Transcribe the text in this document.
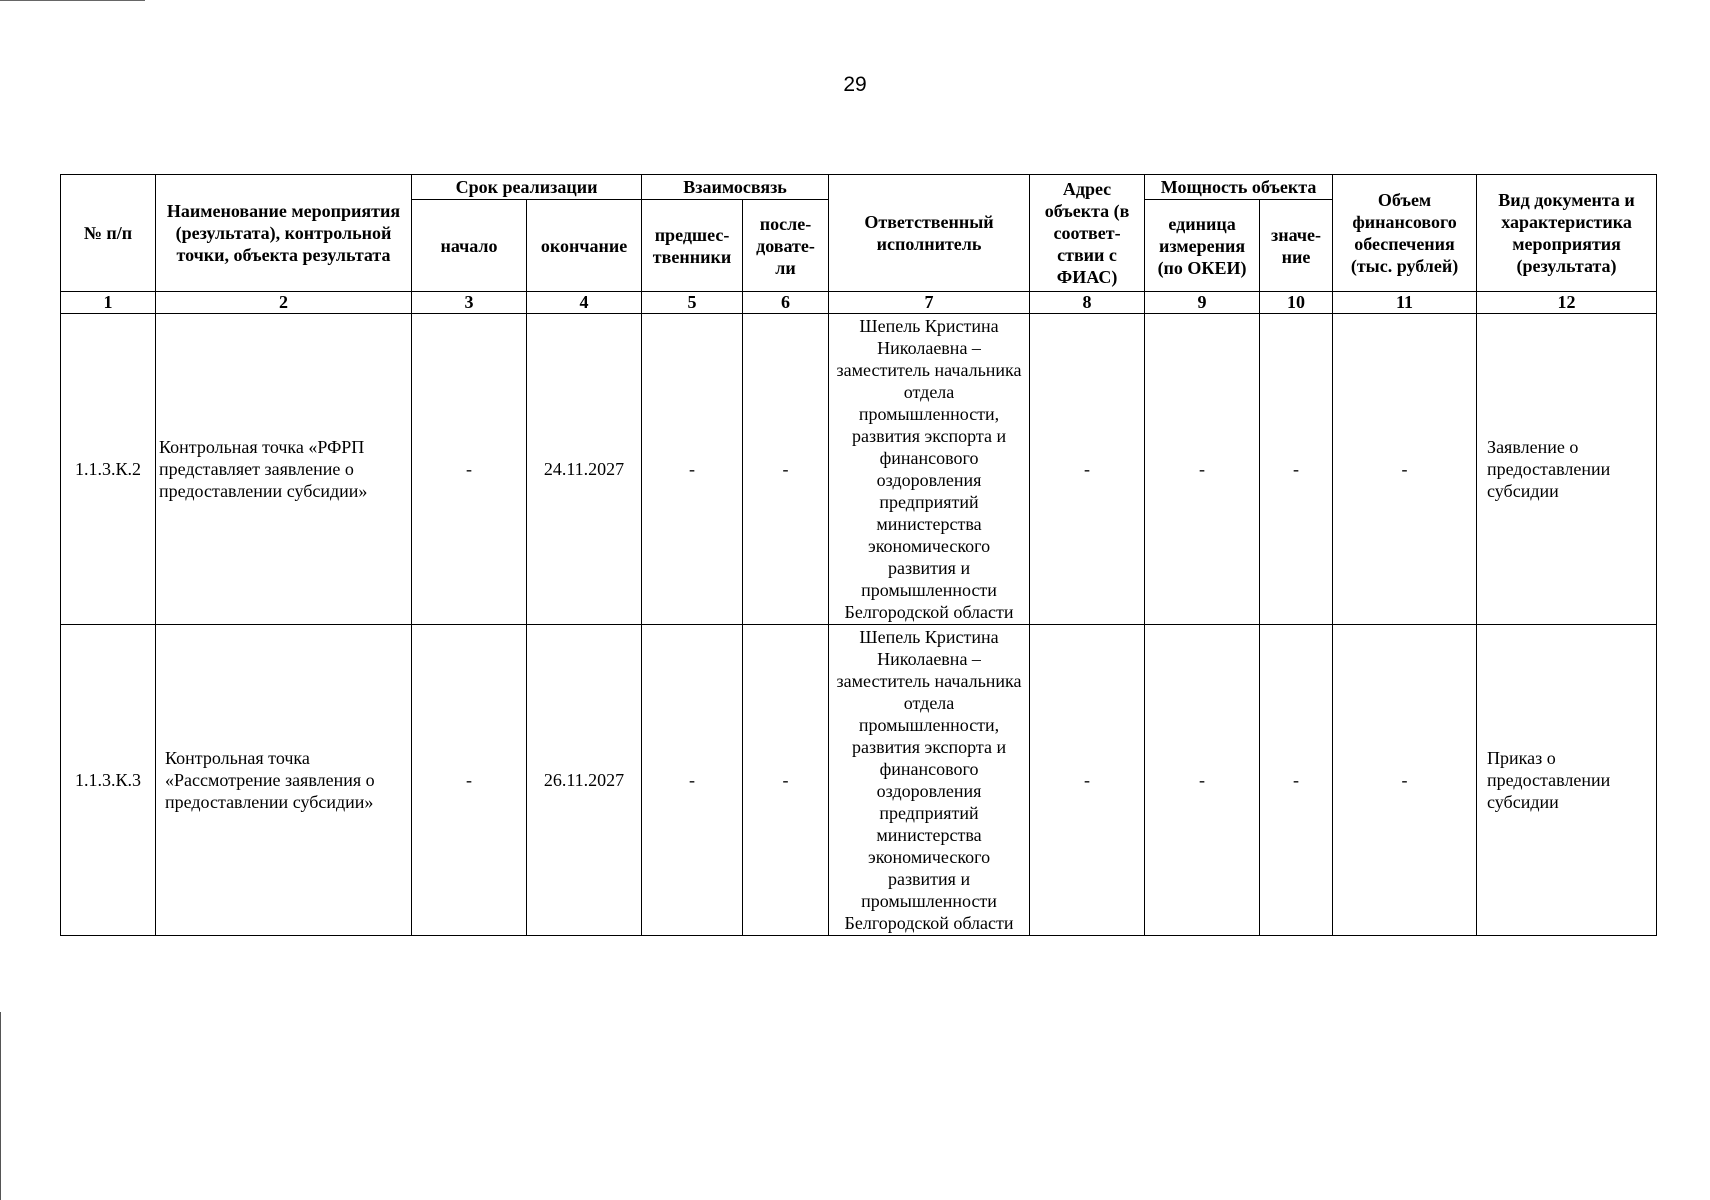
29
№ п/п	Наименование мероприятия (результата), контрольной точки, объекта результата	Срок реализации		Взаимосвязь		Ответственный исполнитель	Адрес объекта (в соответ-ствии с ФИАС)	Мощность объекта		Объем финансового обеспечения (тыс. рублей)	Вид документа и характеристика мероприятия (результата)
		начало	окончание	предшес-твенники	после-довате-ли			единица измерения (по ОКЕИ)	значе-ние		
1	2	3	4	5	6	7	8	9	10	11	12
1.1.3.К.2	Контрольная точка «РФРП представляет заявление о предоставлении субсидии»	-	24.11.2027	-	-	Шепель Кристина Николаевна – заместитель начальника отдела промышленности, развития экспорта и финансового оздоровления предприятий министерства экономического развития и промышленности Белгородской области	-	-	-	-	Заявление о предоставлении субсидии
1.1.3.К.3	Контрольная точка «Рассмотрение заявления о предоставлении субсидии»	-	26.11.2027	-	-	Шепель Кристина Николаевна – заместитель начальника отдела промышленности, развития экспорта и финансового оздоровления предприятий министерства экономического развития и промышленности Белгородской области	-	-	-	-	Приказ о предоставлении субсидии
